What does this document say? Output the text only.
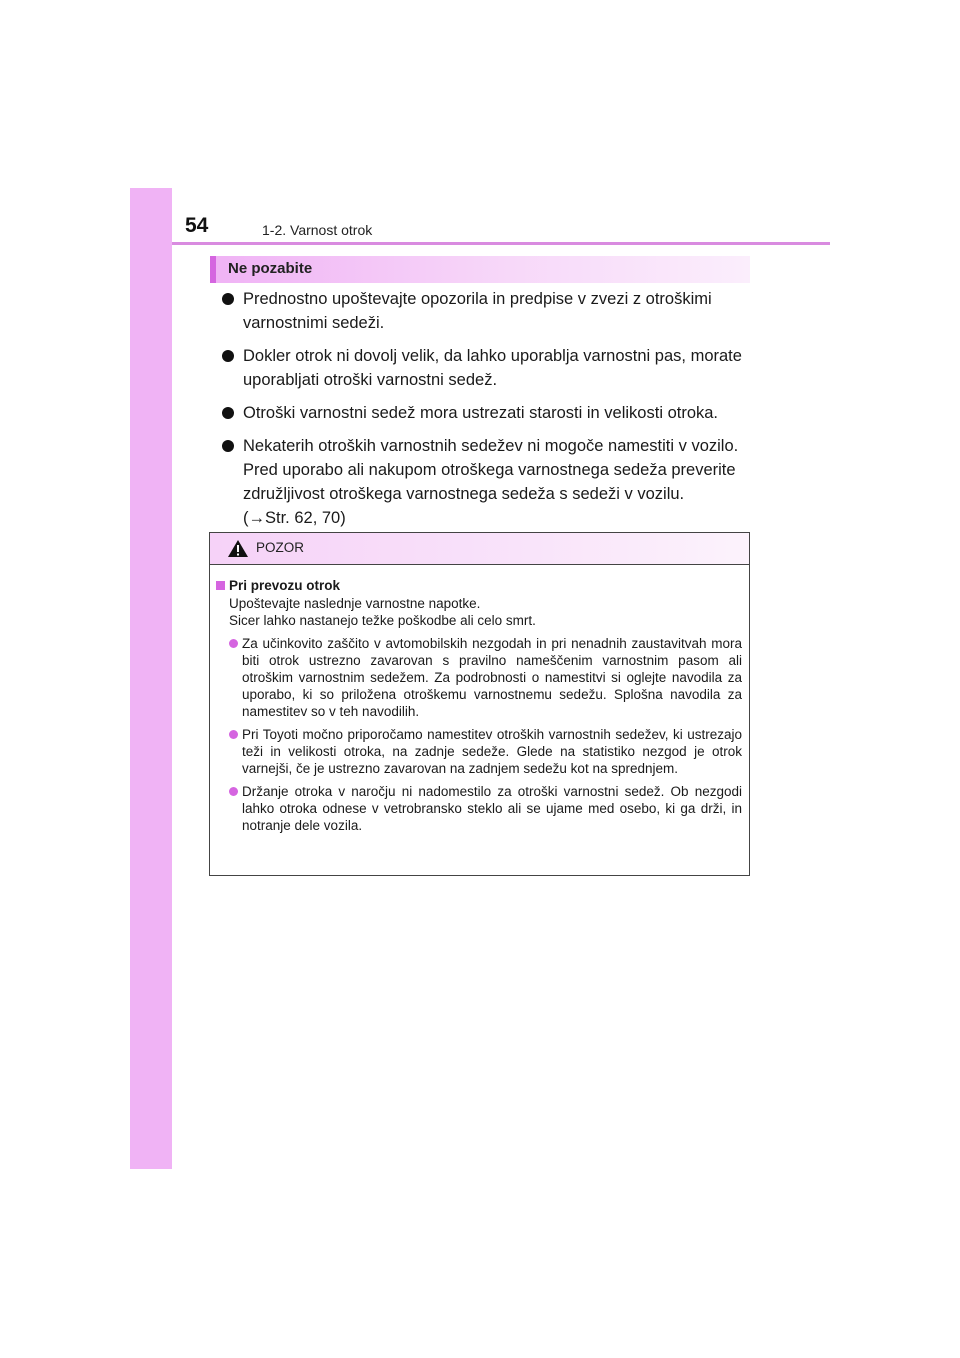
54	1-2. Varnost otrok
Ne pozabite

Prednostno upoštevajte opozorila in predpise v zvezi z otroškimi varnostnimi sedeži.

Dokler otrok ni dovolj velik, da lahko uporablja varnostni pas, morate uporabljati otroški varnostni sedež.

Otroški varnostni sedež mora ustrezati starosti in velikosti otroka.

Nekaterih otroških varnostnih sedežev ni mogoče namestiti v vozilo.

Pred uporabo ali nakupom otroškega varnostnega sedeža preverite združljivost otroškega varnostnega sedeža s sedeži v vozilu.

(→Str. 62, 70)

POZOR
Pri prevozu otrok
Upoštevajte naslednje varnostne napotke.
Sicer lahko nastanejo težke poškodbe ali celo smrt.
Za učinkovito zaščito v avtomobilskih nezgodah in pri nenadnih zaustavitvah mora biti otrok ustrezno zavarovan s pravilno nameščenim varnostnim pasom ali otroškim varnostnim sedežem. Za podrobnosti o namestitvi si oglejte navodila za uporabo, ki so priložena otroškemu varnostnemu sedežu. Splošna navodila za namestitev so v teh navodilih.
Pri Toyoti močno priporočamo namestitev otroških varnostnih sedežev, ki ustrezajo teži in velikosti otroka, na zadnje sedeže. Glede na statistiko nezgod je otrok varnejši, če je ustrezno zavarovan na zadnjem sedežu kot na sprednjem.
Držanje otroka v naročju ni nadomestilo za otroški varnostni sedež. Ob nezgodi lahko otroka odnese v vetrobransko steklo ali se ujame med osebo, ki ga drži, in notranje dele vozila.
